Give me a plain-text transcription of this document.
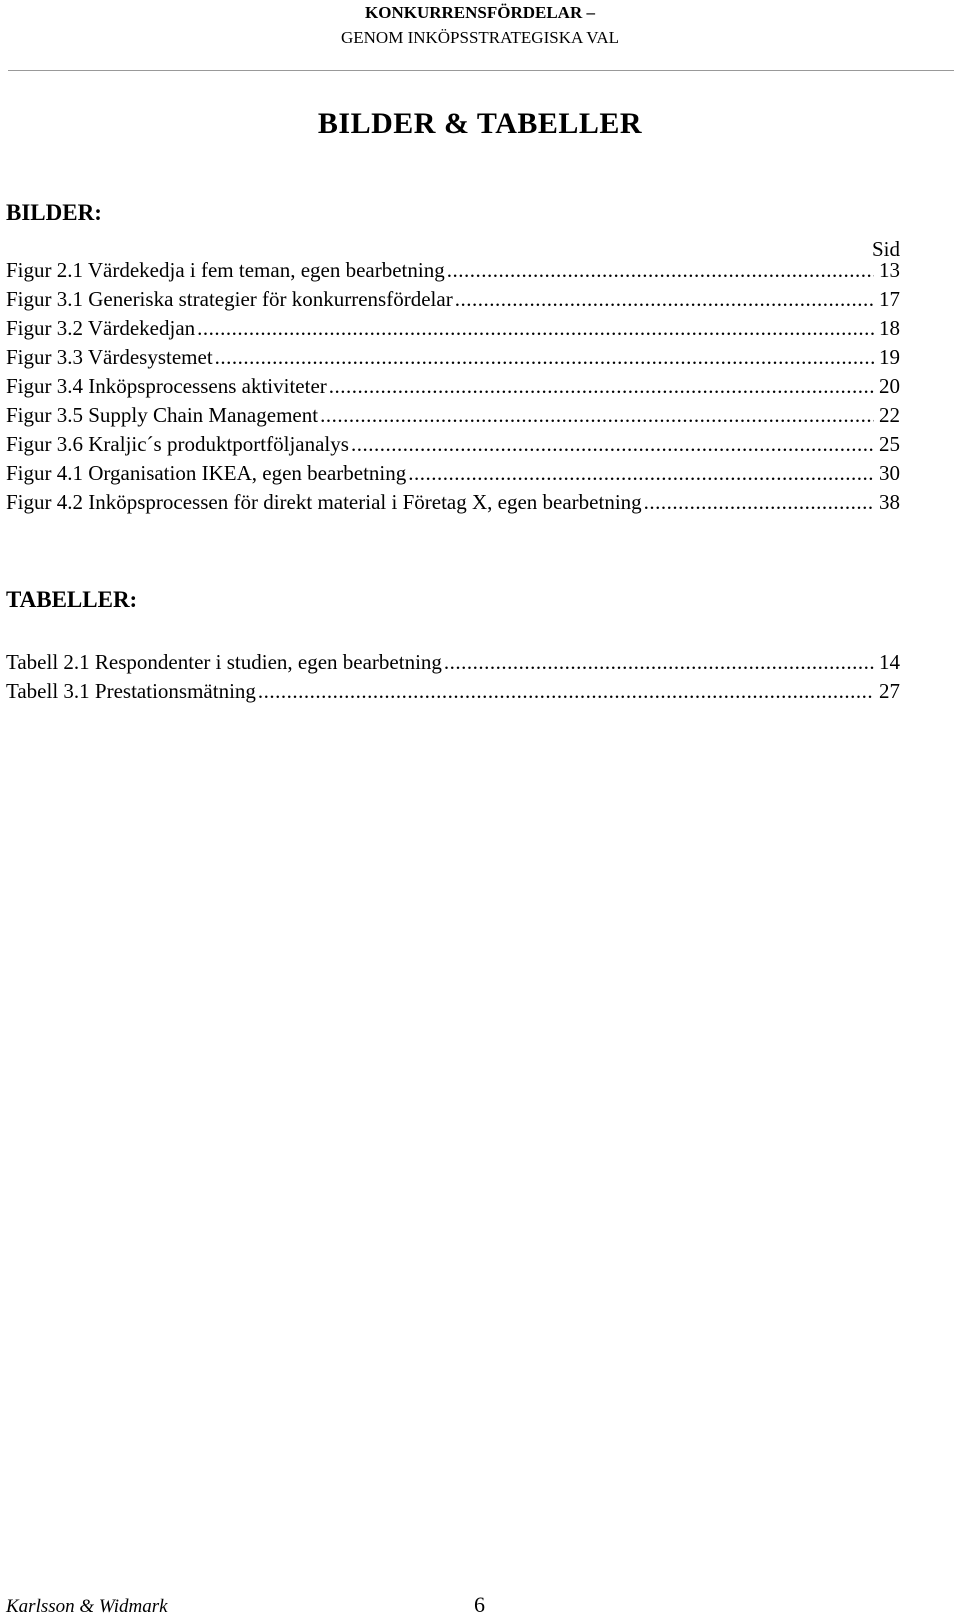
KONKURRENSFÖRDELAR –
GENOM INKÖPSSTRATEGISKA VAL
BILDER & TABELLER
BILDER:
Sid
Figur 2.1 Värdekedja i fem teman, egen bearbetning .....	13
Figur 3.1 Generiska strategier för konkurrensfördelar .....	17
Figur 3.2 Värdekedjan .....	18
Figur 3.3 Värdesystemet .....	19
Figur 3.4 Inköpsprocessens aktiviteter .....	20
Figur 3.5 Supply Chain Management .....	22
Figur 3.6 Kraljic´s produktportföljanalys .....	25
Figur 4.1 Organisation IKEA, egen bearbetning .....	30
Figur 4.2 Inköpsprocessen för direkt material i Företag X, egen bearbetning .....	38
TABELLER:
Tabell 2.1 Respondenter i studien, egen bearbetning .....	14
Tabell 3.1 Prestationsmätning .....	27
Karlsson & Widmark	6
